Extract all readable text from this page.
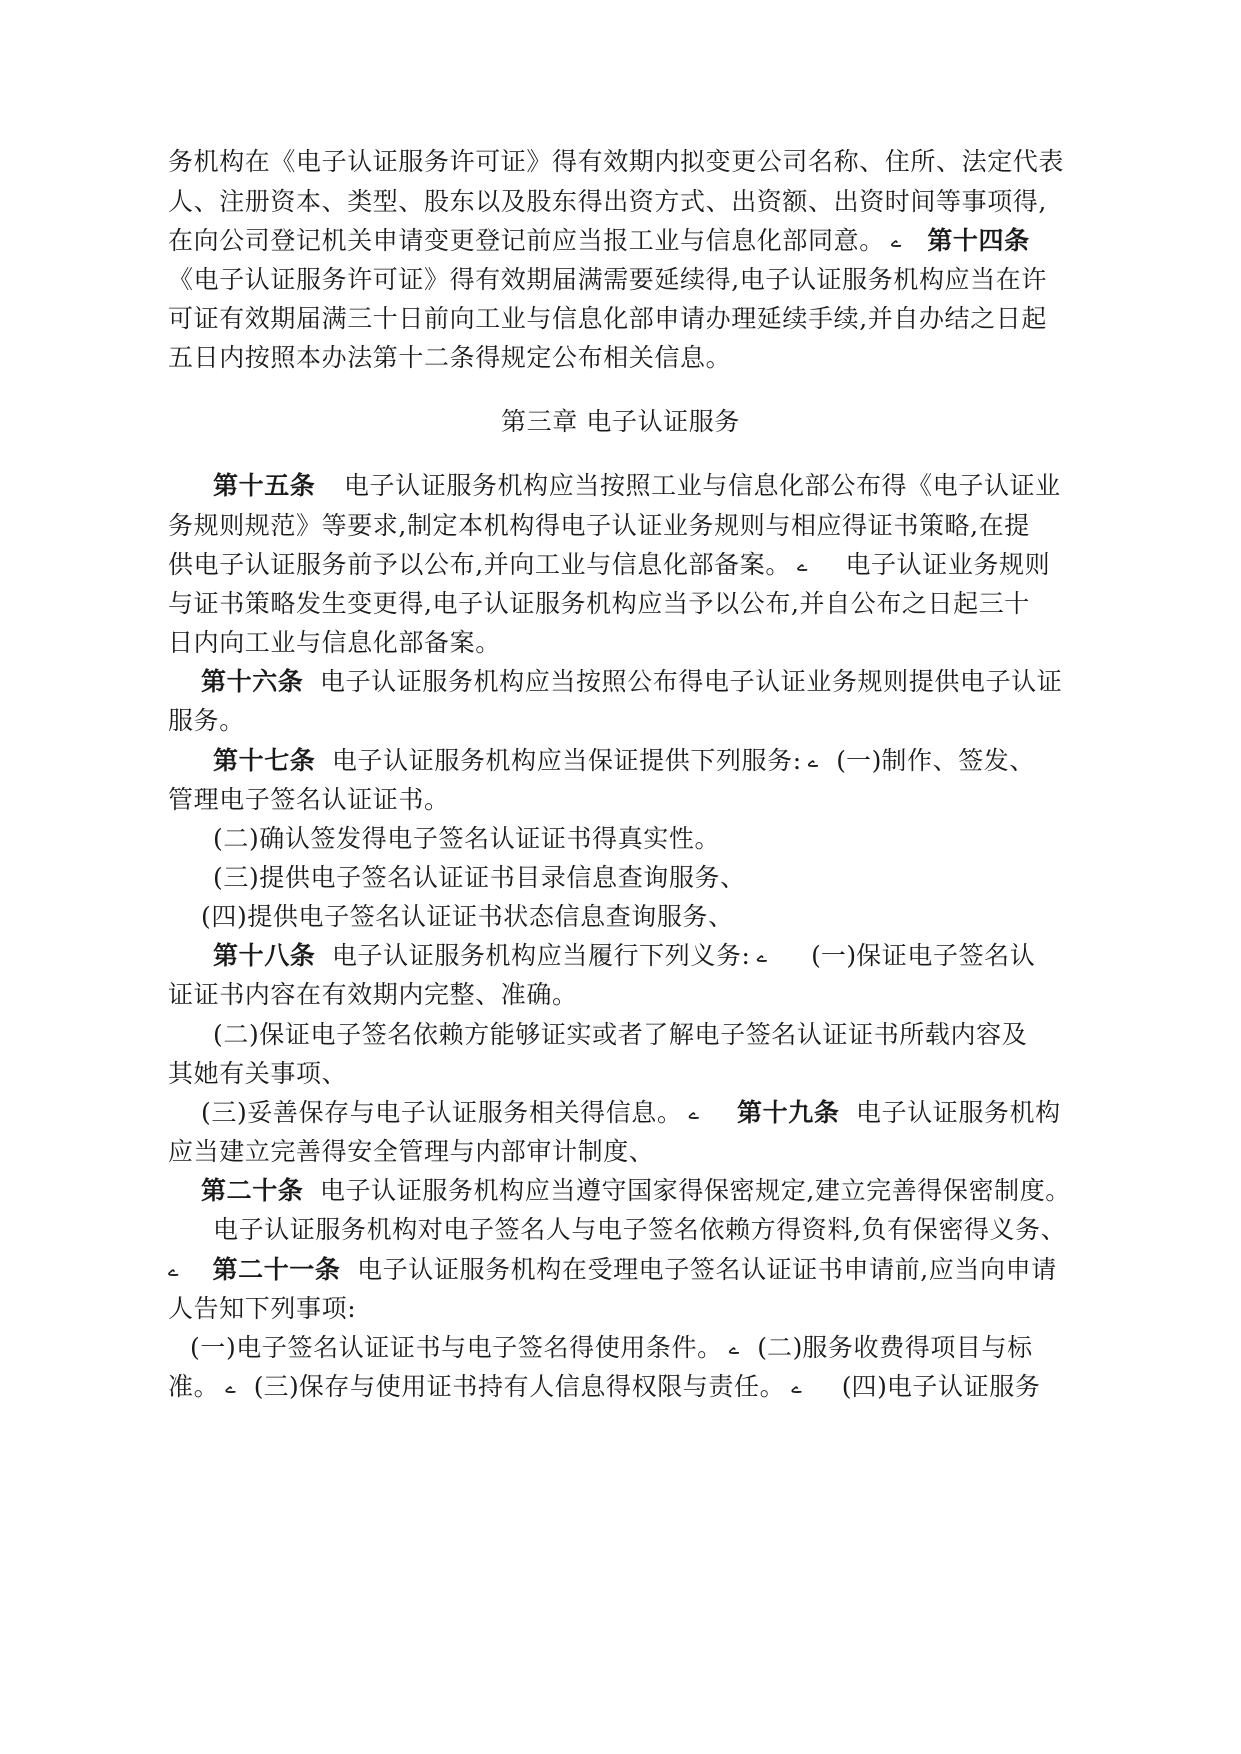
务机构在《电子认证服务许可证》得有效期内拟变更公司名称、住所、法定代表
人、注册资本、类型、股东以及股东得出资方式、出资额、出资时间等事项得,
在向公司登记机关申请变更登记前应当报工业与信息化部同意。 ے 第十四条
《电子认证服务许可证》得有效期届满需要延续得,电子认证服务机构应当在许
可证有效期届满三十日前向工业与信息化部申请办理延续手续,并自办结之日起
五日内按照本办法第十二条得规定公布相关信息。
第三章 电子认证服务
第十五条 电子认证服务机构应当按照工业与信息化部公布得《电子认证业
务规则规范》等要求,制定本机构得电子认证业务规则与相应得证书策略,在提
供电子认证服务前予以公布,并向工业与信息化部备案。 ے 电子认证业务规则
与证书策略发生变更得,电子认证服务机构应当予以公布,并自公布之日起三十
日内向工业与信息化部备案。
第十六条 电子认证服务机构应当按照公布得电子认证业务规则提供电子认证
服务。
第十七条 电子认证服务机构应当保证提供下列服务: ے (一)制作、签发、
管理电子签名认证证书。
(二)确认签发得电子签名认证证书得真实性。
(三)提供电子签名认证证书目录信息查询服务、
(四)提供电子签名认证证书状态信息查询服务、
第十八条 电子认证服务机构应当履行下列义务: ے (一)保证电子签名认
证证书内容在有效期内完整、准确。
(二)保证电子签名依赖方能够证实或者了解电子签名认证证书所载内容及
其她有关事项、
(三)妥善保存与电子认证服务相关得信息。 ے 第十九条 电子认证服务机构
应当建立完善得安全管理与内部审计制度、
第二十条 电子认证服务机构应当遵守国家得保密规定,建立完善得保密制度。
电子认证服务机构对电子签名人与电子签名依赖方得资料,负有保密得义务、
ے 第二十一条 电子认证服务机构在受理电子签名认证证书申请前,应当向申请
人告知下列事项:
(一)电子签名认证证书与电子签名得使用条件。 ے (二)服务收费得项目与标
准。 ے (三)保存与使用证书持有人信息得权限与责任。 ے (四)电子认证服务
